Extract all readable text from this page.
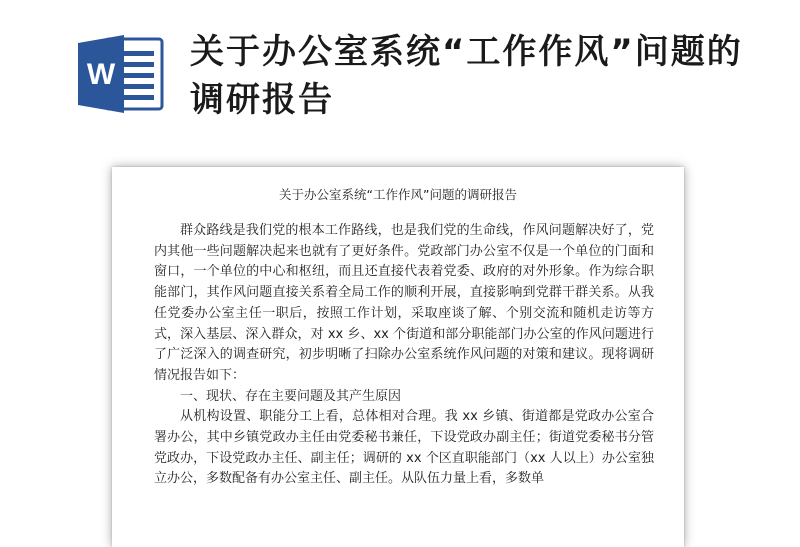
W
关于办公室系统“工作作风”问题的调研报告
关于办公室系统“工作作风”问题的调研报告

群众路线是我们党的根本工作路线，也是我们党的生命线，作风问题解决好了，党内其他一些问题解决起来也就有了更好条件。党政部门办公室不仅是一个单位的门面和窗口，一个单位的中心和枢纽，而且还直接代表着党委、政府的对外形象。作为综合职能部门，其作风问题直接关系着全局工作的顺利开展，直接影响到党群干群关系。从我任党委办公室主任一职后，按照工作计划，采取座谈了解、个别交流和随机走访等方式，深入基层、深入群众，对 xx 乡、xx 个街道和部分职能部门办公室的作风问题进行了广泛深入的调查研究，初步明晰了扫除办公室系统作风问题的对策和建议。现将调研情况报告如下：

一、现状、存在主要问题及其产生原因

从机构设置、职能分工上看，总体相对合理。我 xx 乡镇、街道都是党政办公室合署办公，其中乡镇党政办主任由党委秘书兼任，下设党政办副主任；街道党委秘书分管党政办，下设党政办主任、副主任；调研的 xx 个区直职能部门（xx 人以上）办公室独立办公，多数配备有办公室主任、副主任。从队伍力量上看，多数单
